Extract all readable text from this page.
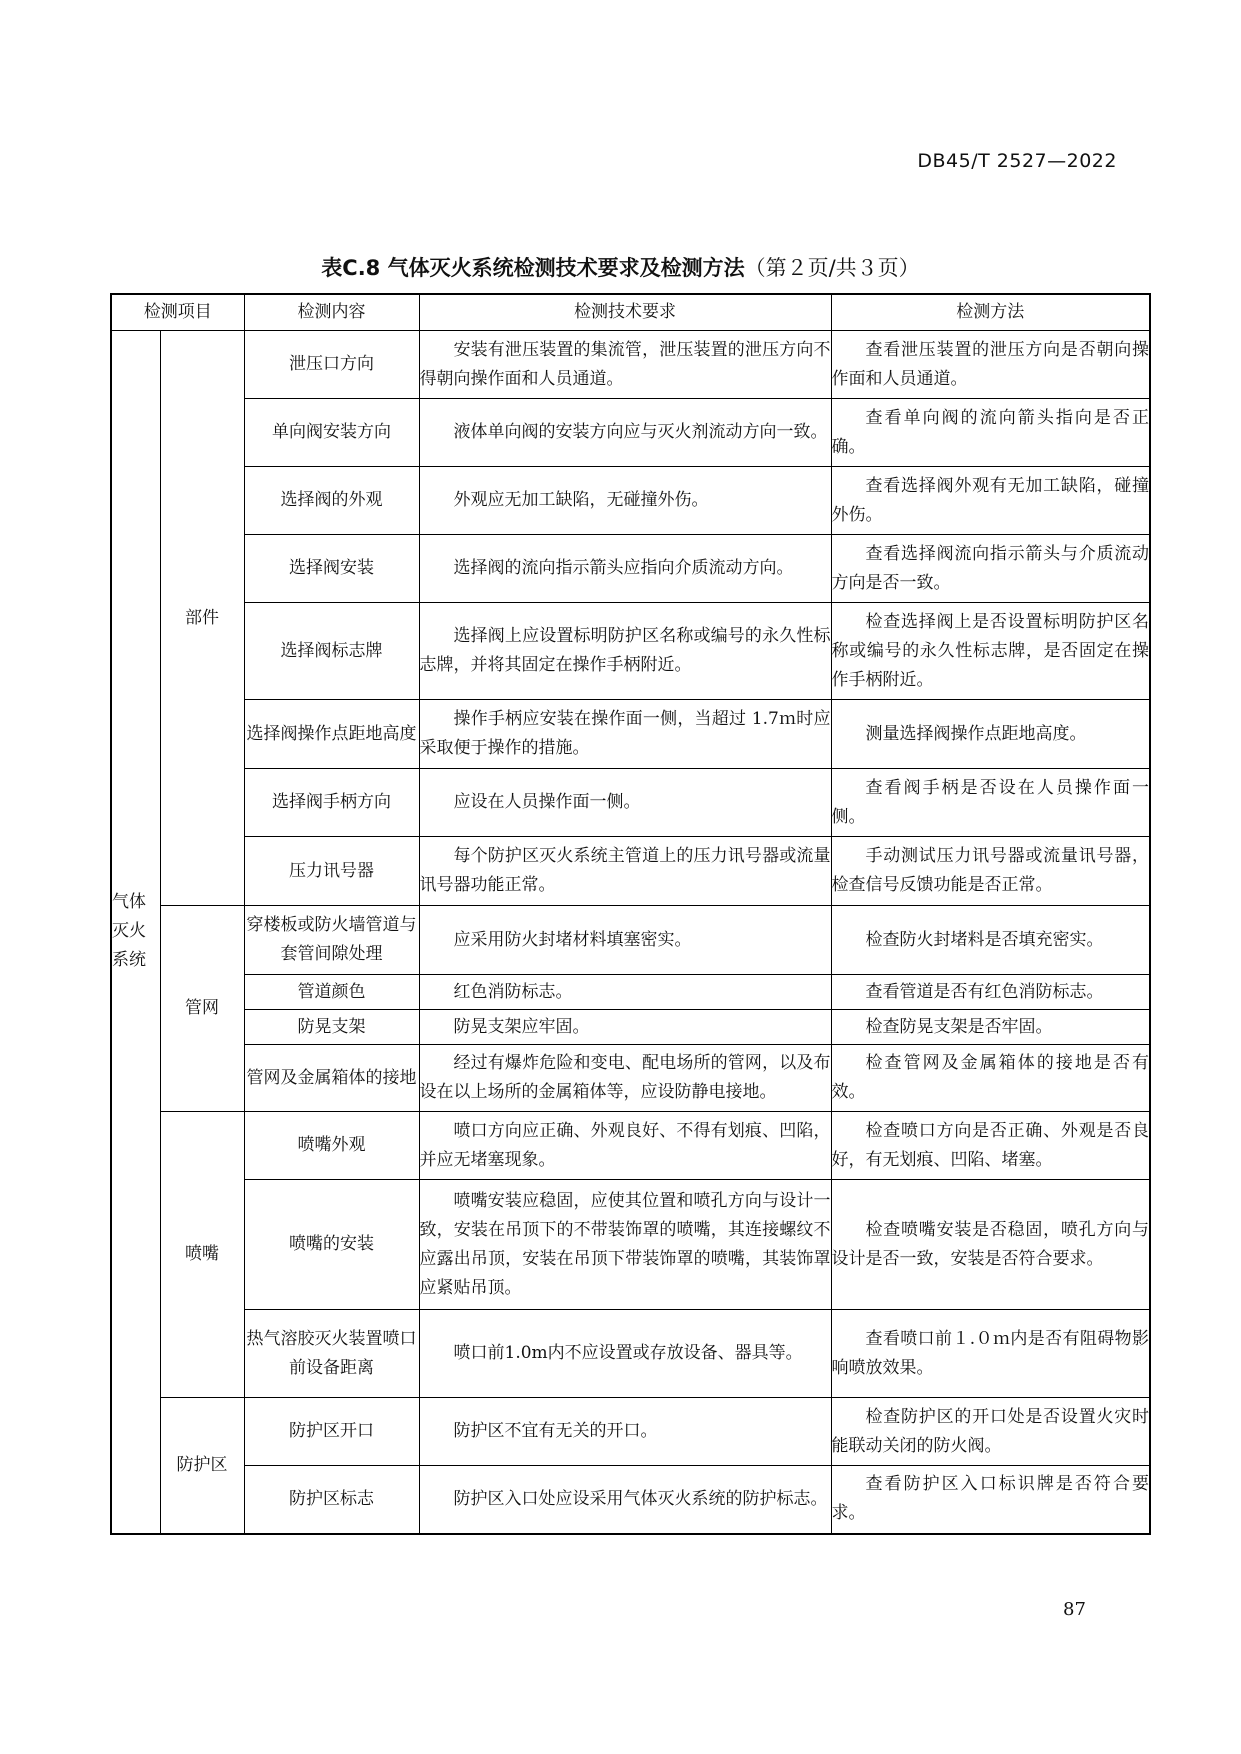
DB45/T 2527—2022
表C.8 气体灭火系统检测技术要求及检测方法（第２页/共３页）
检测项目		检测内容	检测技术要求	检测方法
气体灭火系统	部件	泄压口方向	安装有泄压装置的集流管，泄压装置的泄压方向不得朝向操作面和人员通道。	查看泄压装置的泄压方向是否朝向操作面和人员通道。
		单向阀安装方向	液体单向阀的安装方向应与灭火剂流动方向一致。	查看单向阀的流向箭头指向是否正确。
		选择阀的外观	外观应无加工缺陷，无碰撞外伤。	查看选择阀外观有无加工缺陷，碰撞外伤。
		选择阀安装	选择阀的流向指示箭头应指向介质流动方向。	查看选择阀流向指示箭头与介质流动方向是否一致。
		选择阀标志牌	选择阀上应设置标明防护区名称或编号的永久性标志牌，并将其固定在操作手柄附近。	检查选择阀上是否设置标明防护区名称或编号的永久性标志牌，是否固定在操作手柄附近。
		选择阀操作点距地高度	操作手柄应安装在操作面一侧，当超过 1.7ｍ时应采取便于操作的措施。	测量选择阀操作点距地高度。
		选择阀手柄方向	应设在人员操作面一侧。	查看阀手柄是否设在人员操作面一侧。
		压力讯号器	每个防护区灭火系统主管道上的压力讯号器或流量讯号器功能正常。	手动测试压力讯号器或流量讯号器，检查信号反馈功能是否正常。
	管网	穿楼板或防火墙管道与套管间隙处理	应采用防火封堵材料填塞密实。	检查防火封堵料是否填充密实。
		管道颜色	红色消防标志。	查看管道是否有红色消防标志。
		防晃支架	防晃支架应牢固。	检查防晃支架是否牢固。
		管网及金属箱体的接地	经过有爆炸危险和变电、配电场所的管网，以及布设在以上场所的金属箱体等，应设防静电接地。	检查管网及金属箱体的接地是否有效。
	喷嘴	喷嘴外观	喷口方向应正确、外观良好、不得有划痕、凹陷，并应无堵塞现象。	检查喷口方向是否正确、外观是否良好，有无划痕、凹陷、堵塞。
		喷嘴的安装	喷嘴安装应稳固，应使其位置和喷孔方向与设计一致，安装在吊顶下的不带装饰罩的喷嘴，其连接螺纹不应露出吊顶，安装在吊顶下带装饰罩的喷嘴，其装饰罩应紧贴吊顶。	检查喷嘴安装是否稳固，喷孔方向与设计是否一致，安装是否符合要求。
		热气溶胶灭火装置喷口前设备距离	喷口前1.0m内不应设置或存放设备、器具等。	查看喷口前１.０ｍ内是否有阻碍物影响喷放效果。
	防护区	防护区开口	防护区不宜有无关的开口。	检查防护区的开口处是否设置火灾时能联动关闭的防火阀。
		防护区标志	防护区入口处应设采用气体灭火系统的防护标志。	查看防护区入口标识牌是否符合要求。
87
